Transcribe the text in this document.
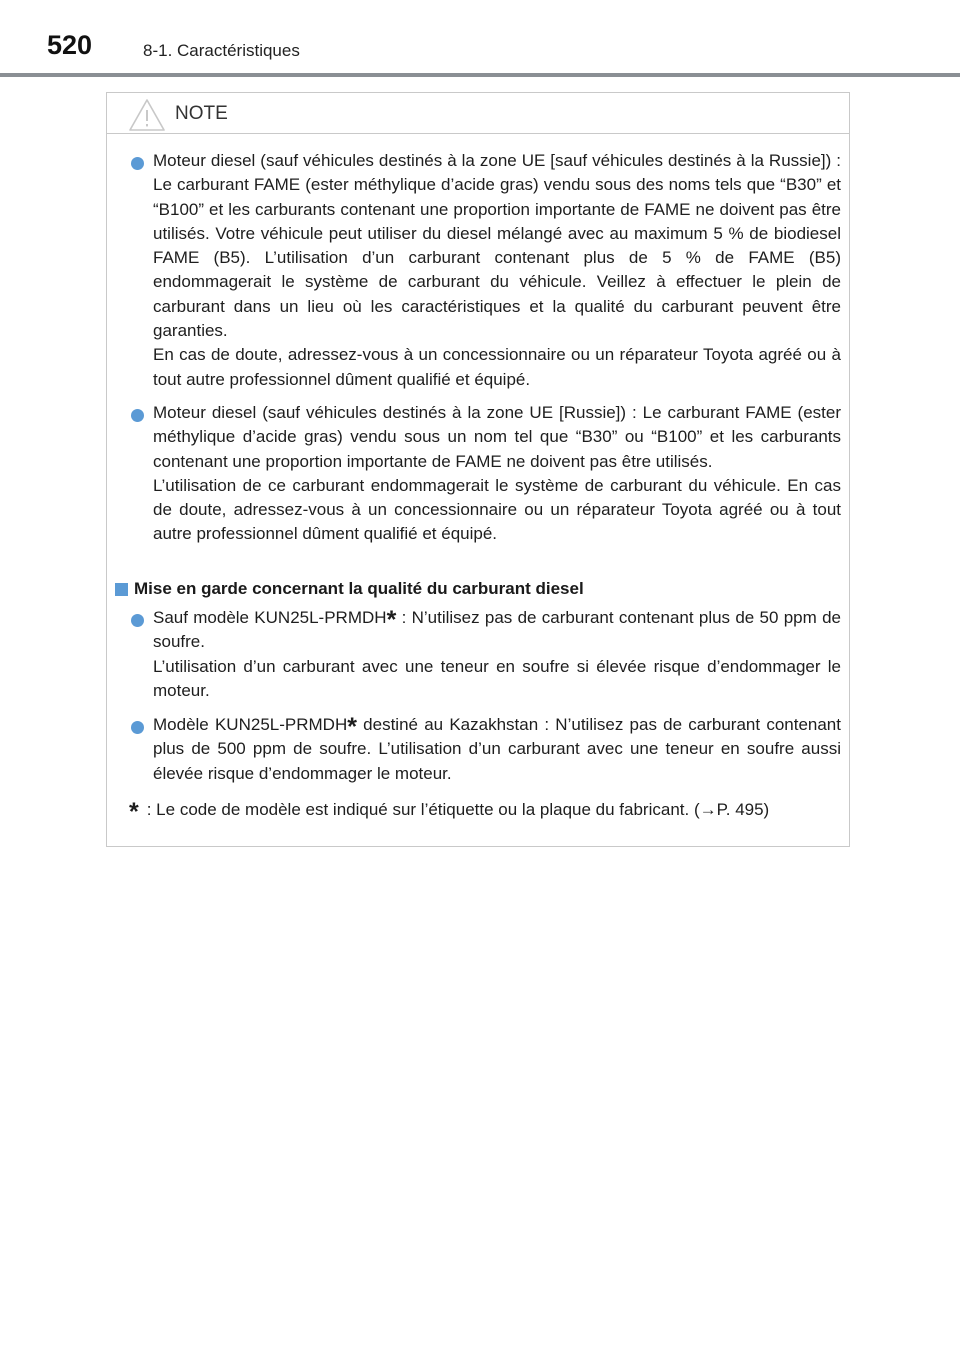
520	8-1. Caractéristiques
NOTE

Moteur diesel (sauf véhicules destinés à la zone UE [sauf véhicules destinés à la Russie]) : Le carburant FAME (ester méthylique d’acide gras) vendu sous des noms tels que “B30” et “B100” et les carburants contenant une proportion importante de FAME ne doivent pas être utilisés. Votre véhicule peut utiliser du diesel mélangé avec au maximum 5 % de biodiesel FAME (B5). L’utilisation d’un carburant contenant plus de 5 % de FAME (B5) endommagerait le système de carburant du véhicule. Veillez à effectuer le plein de carburant dans un lieu où les caractéristiques et la qualité du carburant peuvent être garanties.

En cas de doute, adressez-vous à un concessionnaire ou un réparateur Toyota agréé ou à tout autre professionnel dûment qualifié et équipé.

Moteur diesel (sauf véhicules destinés à la zone UE [Russie]) : Le carburant FAME (ester méthylique d’acide gras) vendu sous un nom tel que “B30” ou “B100” et les carburants contenant une proportion importante de FAME ne doivent pas être utilisés.

L’utilisation de ce carburant endommagerait le système de carburant du véhicule. En cas de doute, adressez-vous à un concessionnaire ou un réparateur Toyota agréé ou à tout autre professionnel dûment qualifié et équipé.

Mise en garde concernant la qualité du carburant diesel

Sauf modèle KUN25L-PRMDH* : N’utilisez pas de carburant contenant plus de 50 ppm de soufre.

L’utilisation d’un carburant avec une teneur en soufre si élevée risque d’endommager le moteur.

Modèle KUN25L-PRMDH* destiné au Kazakhstan : N’utilisez pas de carburant contenant plus de 500 ppm de soufre. L’utilisation d’un carburant avec une teneur en soufre aussi élevée risque d’endommager le moteur.

* : Le code de modèle est indiqué sur l’étiquette ou la plaque du fabricant. (→P. 495)
